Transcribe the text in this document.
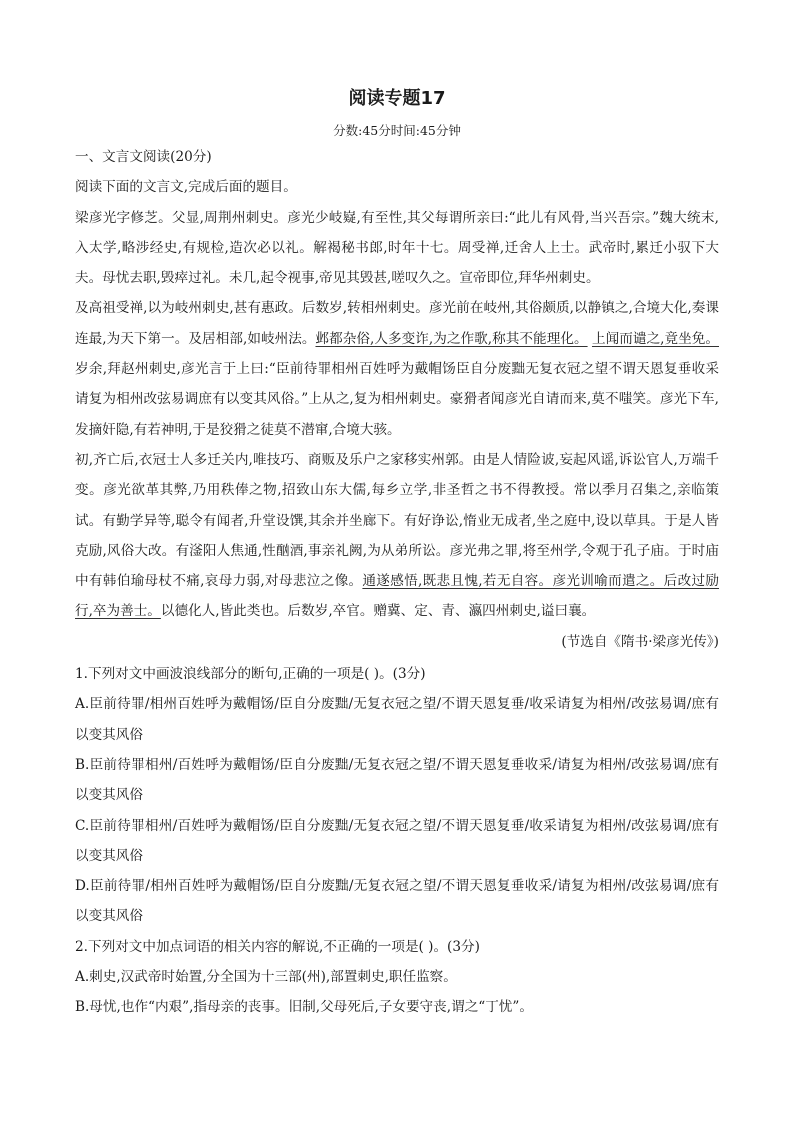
阅读专题17
分数:45分时间:45分钟

一、文言文阅读(20分)

阅读下面的文言文,完成后面的题目。

梁彦光字修芝。父显,周荆州刺史。彦光少岐嶷,有至性,其父每谓所亲曰:“此儿有风骨,当兴吾宗。”魏大统末,入太学,略涉经史,有规检,造次必以礼。解褐秘书郎,时年十七。周受禅,迁舍人上士。武帝时,累迁小驭下大夫。母忧去职,毁瘁过礼。未几,起令视事,帝见其毁甚,嗟叹久之。宣帝即位,拜华州刺史。

及高祖受禅,以为岐州刺史,甚有惠政。后数岁,转相州刺史。彦光前在岐州,其俗颇质,以静镇之,合境大化,奏课连最,为天下第一。及居相部,如岐州法。邺都杂俗,人多变诈,为之作歌,称其不能理化。 上闻而谴之,竟坐免。岁余,拜赵州刺史,彦光言于上曰:“臣前待罪相州百姓呼为戴帽饧臣自分废黜无复衣冠之望不谓天恩复垂收采请复为相州改弦易调庶有以变其风俗。”上从之,复为相州刺史。豪猾者闻彦光自请而来,莫不嗤笑。彦光下车,发摘奸隐,有若神明,于是狡猾之徒莫不潜窜,合境大骇。

初,齐亡后,衣冠士人多迁关内,唯技巧、商贩及乐户之家移实州郭。由是人情险诐,妄起风谣,诉讼官人,万端千变。彦光欲革其弊,乃用秩俸之物,招致山东大儒,每乡立学,非圣哲之书不得教授。常以季月召集之,亲临策试。有勤学异等,聪令有闻者,升堂设馔,其余并坐廊下。有好诤讼,惰业无成者,坐之庭中,设以草具。于是人皆克励,风俗大改。有滏阳人焦通,性酗酒,事亲礼阙,为从弟所讼。彦光弗之罪,将至州学,令观于孔子庙。于时庙中有韩伯瑜母杖不痛,哀母力弱,对母悲泣之像。通遂感悟,既悲且愧,若无自容。彦光训喻而遣之。后改过励行,卒为善士。以德化人,皆此类也。后数岁,卒官。赠冀、定、青、瀛四州刺史,谥曰襄。

(节选自《隋书·梁彦光传》)

1.下列对文中画波浪线部分的断句,正确的一项是( )。(3分)

A.臣前待罪/相州百姓呼为戴帽饧/臣自分废黜/无复衣冠之望/不谓天恩复垂/收采请复为相州/改弦易调/庶有以变其风俗

B.臣前待罪相州/百姓呼为戴帽饧/臣自分废黜/无复衣冠之望/不谓天恩复垂收采/请复为相州/改弦易调/庶有以变其风俗

C.臣前待罪相州/百姓呼为戴帽饧/臣自分废黜/无复衣冠之望/不谓天恩复垂/收采请复为相州/改弦易调/庶有以变其风俗

D.臣前待罪/相州百姓呼为戴帽饧/臣自分废黜/无复衣冠之望/不谓天恩复垂收采/请复为相州/改弦易调/庶有以变其风俗

2.下列对文中加点词语的相关内容的解说,不正确的一项是( )。(3分)

A.刺史,汉武帝时始置,分全国为十三部(州),部置刺史,职任监察。

B.母忧,也作“内艰”,指母亲的丧事。旧制,父母死后,子女要守丧,谓之“丁忧”。
